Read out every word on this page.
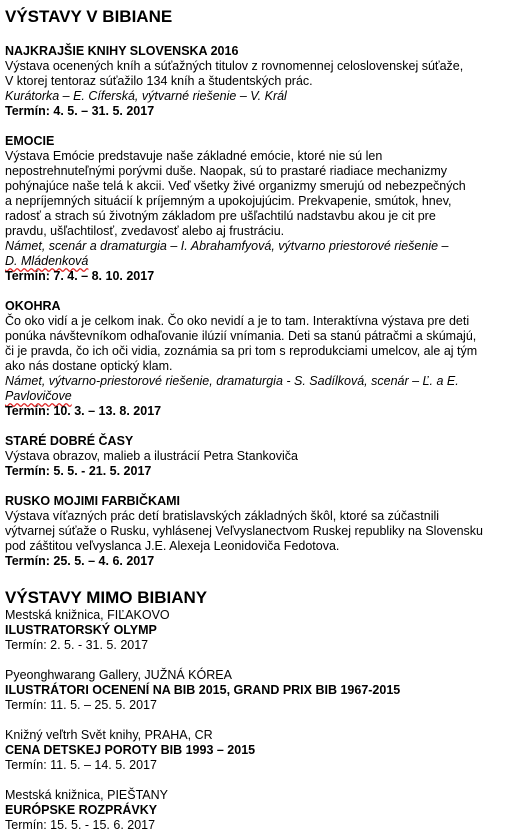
VÝSTAVY V BIBIANE
NAJKRAJŠIE KNIHY SLOVENSKA 2016
Výstava ocenených kníh a súťažných titulov z rovnomennej celoslovenskej súťaže,
V ktorej tentoraz súťažilo 134 kníh a študentských prác.
Kurátorka – E. Cíferská, výtvarné riešenie – V. Král
Termín: 4. 5. – 31. 5. 2017
EMOCIE
Výstava Emócie predstavuje naše základné emócie, ktoré nie sú len
nepostrehnuteľnými porývmi duše. Naopak, sú to prastaré riadiace mechanizmy
pohýnajúce naše telá k akcii. Veď všetky živé organizmy smerujú od nebezpečných
a nepríjemných situácií k príjemným a upokojujúcim. Prekvapenie, smútok, hnev,
radosť a strach sú životným základom pre ušľachtilú nadstavbu akou je cit pre
pravdu, ušľachtilosť, zvedavosť alebo aj frustráciu.
Námet, scenár a dramaturgia – I. Abrahamfyová, výtvarno priestorové riešenie –
D. Mládenková
Termín: 7. 4. – 8. 10. 2017
OKOHRA
Čo oko vidí a je celkom inak. Čo oko nevidí a je to tam. Interaktívna výstava pre deti
ponúka návštevníkom odhaľovanie ilúzií vnímania. Deti sa stanú pátračmi a skúmajú,
či je pravda, čo ich oči vidia, zoznámia sa pri tom s reprodukciami umelcov, ale aj tým
ako nás dostane optický klam.
Námet, výtvarno-priestorové riešenie, dramaturgia - S. Sadílková, scenár – Ľ. a E.
Pavlovičove
Termín: 10. 3. – 13. 8. 2017
STARÉ DOBRÉ ČASY
Výstava obrazov, malieb a ilustrácií Petra Stankoviča
Termín: 5. 5. - 21. 5. 2017
RUSKO MOJIMI FARBIČKAMI
Výstava víťazných prác detí bratislavských základných škôl, ktoré sa zúčastnili
výtvarnej súťaže o Rusku, vyhlásenej Veľvyslanectvom Ruskej republiky na Slovensku
pod záštitou veľvyslanca J.E. Alexeja Leonidoviča Fedotova.
Termín: 25. 5. – 4. 6. 2017
VÝSTAVY MIMO BIBIANY
Mestská knižnica, FIĽAKOVO
ILUSTRATORSKÝ OLYMP
Termín: 2. 5. - 31. 5. 2017
Pyeonghwarang Gallery, JUŽNÁ KÓREA
ILUSTRÁTORI OCENENÍ NA BIB 2015, GRAND PRIX BIB 1967-2015
Termín: 11. 5. – 25. 5. 2017
Knižný veľtrh Svět knihy, PRAHA, CR
CENA DETSKEJ POROTY BIB 1993 – 2015
Termín: 11. 5. – 14. 5. 2017
Mestská knižnica, PIEŠTANY
EURÓPSKE ROZPRÁVKY
Termín: 15. 5. - 15. 6. 2017
